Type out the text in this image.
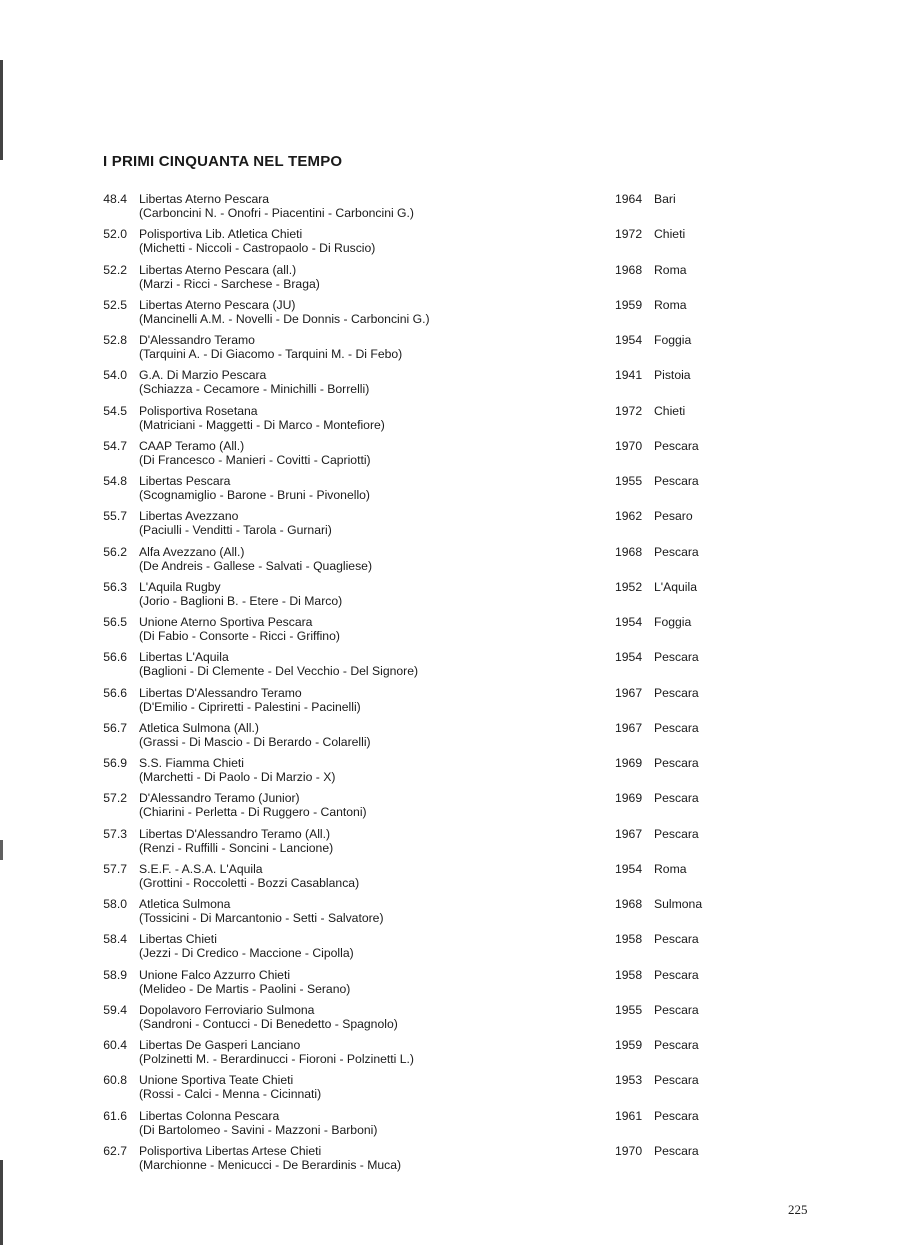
I PRIMI CINQUANTA NEL TEMPO
48.4 Libertas Aterno Pescara	1964 Bari
(Carboncini N. - Onofri - Piacentini - Carboncini G.)
52.0 Polisportiva Lib. Atletica Chieti	1972 Chieti
(Michetti - Niccoli - Castropaolo - Di Ruscio)
52.2 Libertas Aterno Pescara (all.)	1968 Roma
(Marzi - Ricci - Sarchese - Braga)
52.5 Libertas Aterno Pescara (JU)	1959 Roma
(Mancinelli A.M. - Novelli - De Donnis - Carboncini G.)
52.8 D'Alessandro Teramo	1954 Foggia
(Tarquini A. - Di Giacomo - Tarquini M. - Di Febo)
54.0 G.A. Di Marzio Pescara	1941 Pistoia
(Schiazza - Cecamore - Minichilli - Borrelli)
54.5 Polisportiva Rosetana	1972 Chieti
(Matriciani - Maggetti - Di Marco - Montefiore)
54.7 CAAP Teramo (All.)	1970 Pescara
(Di Francesco - Manieri - Covitti - Capriotti)
54.8 Libertas Pescara	1955 Pescara
(Scognamiglio - Barone - Bruni - Pivonello)
55.7 Libertas Avezzano	1962 Pesaro
(Paciulli - Venditti - Tarola - Gurnari)
56.2 Alfa Avezzano (All.)	1968 Pescara
(De Andreis - Gallese - Salvati - Quagliese)
56.3 L'Aquila Rugby	1952 L'Aquila
(Jorio - Baglioni B. - Etere - Di Marco)
56.5 Unione Aterno Sportiva Pescara	1954 Foggia
(Di Fabio - Consorte - Ricci - Griffino)
56.6 Libertas L'Aquila	1954 Pescara
(Baglioni - Di Clemente - Del Vecchio - Del Signore)
56.6 Libertas D'Alessandro Teramo	1967 Pescara
(D'Emilio - Cipriretti - Palestini - Pacinelli)
56.7 Atletica Sulmona (All.)	1967 Pescara
(Grassi - Di Mascio - Di Berardo - Colarelli)
56.9 S.S. Fiamma Chieti	1969 Pescara
(Marchetti - Di Paolo - Di Marzio - X)
57.2 D'Alessandro Teramo (Junior)	1969 Pescara
(Chiarini - Perletta - Di Ruggero - Cantoni)
57.3 Libertas D'Alessandro Teramo (All.)	1967 Pescara
(Renzi - Ruffilli - Soncini - Lancione)
57.7 S.E.F. - A.S.A. L'Aquila	1954 Roma
(Grottini - Roccoletti - Bozzi Casablanca)
58.0 Atletica Sulmona	1968 Sulmona
(Tossicini - Di Marcantonio - Setti - Salvatore)
58.4 Libertas Chieti	1958 Pescara
(Jezzi - Di Credico - Maccione - Cipolla)
58.9 Unione Falco Azzurro Chieti	1958 Pescara
(Melideo - De Martis - Paolini - Serano)
59.4 Dopolavoro Ferroviario Sulmona	1955 Pescara
(Sandroni - Contucci - Di Benedetto - Spagnolo)
60.4 Libertas De Gasperi Lanciano	1959 Pescara
(Polzinetti M. - Berardinucci - Fioroni - Polzinetti L.)
60.8 Unione Sportiva Teate Chieti	1953 Pescara
(Rossi - Calci - Menna - Cicinnati)
61.6 Libertas Colonna Pescara	1961 Pescara
(Di Bartolomeo - Savini - Mazzoni - Barboni)
62.7 Polisportiva Libertas Artese Chieti	1970 Pescara
(Marchionne - Menicucci - De Berardinis - Muca)
225
